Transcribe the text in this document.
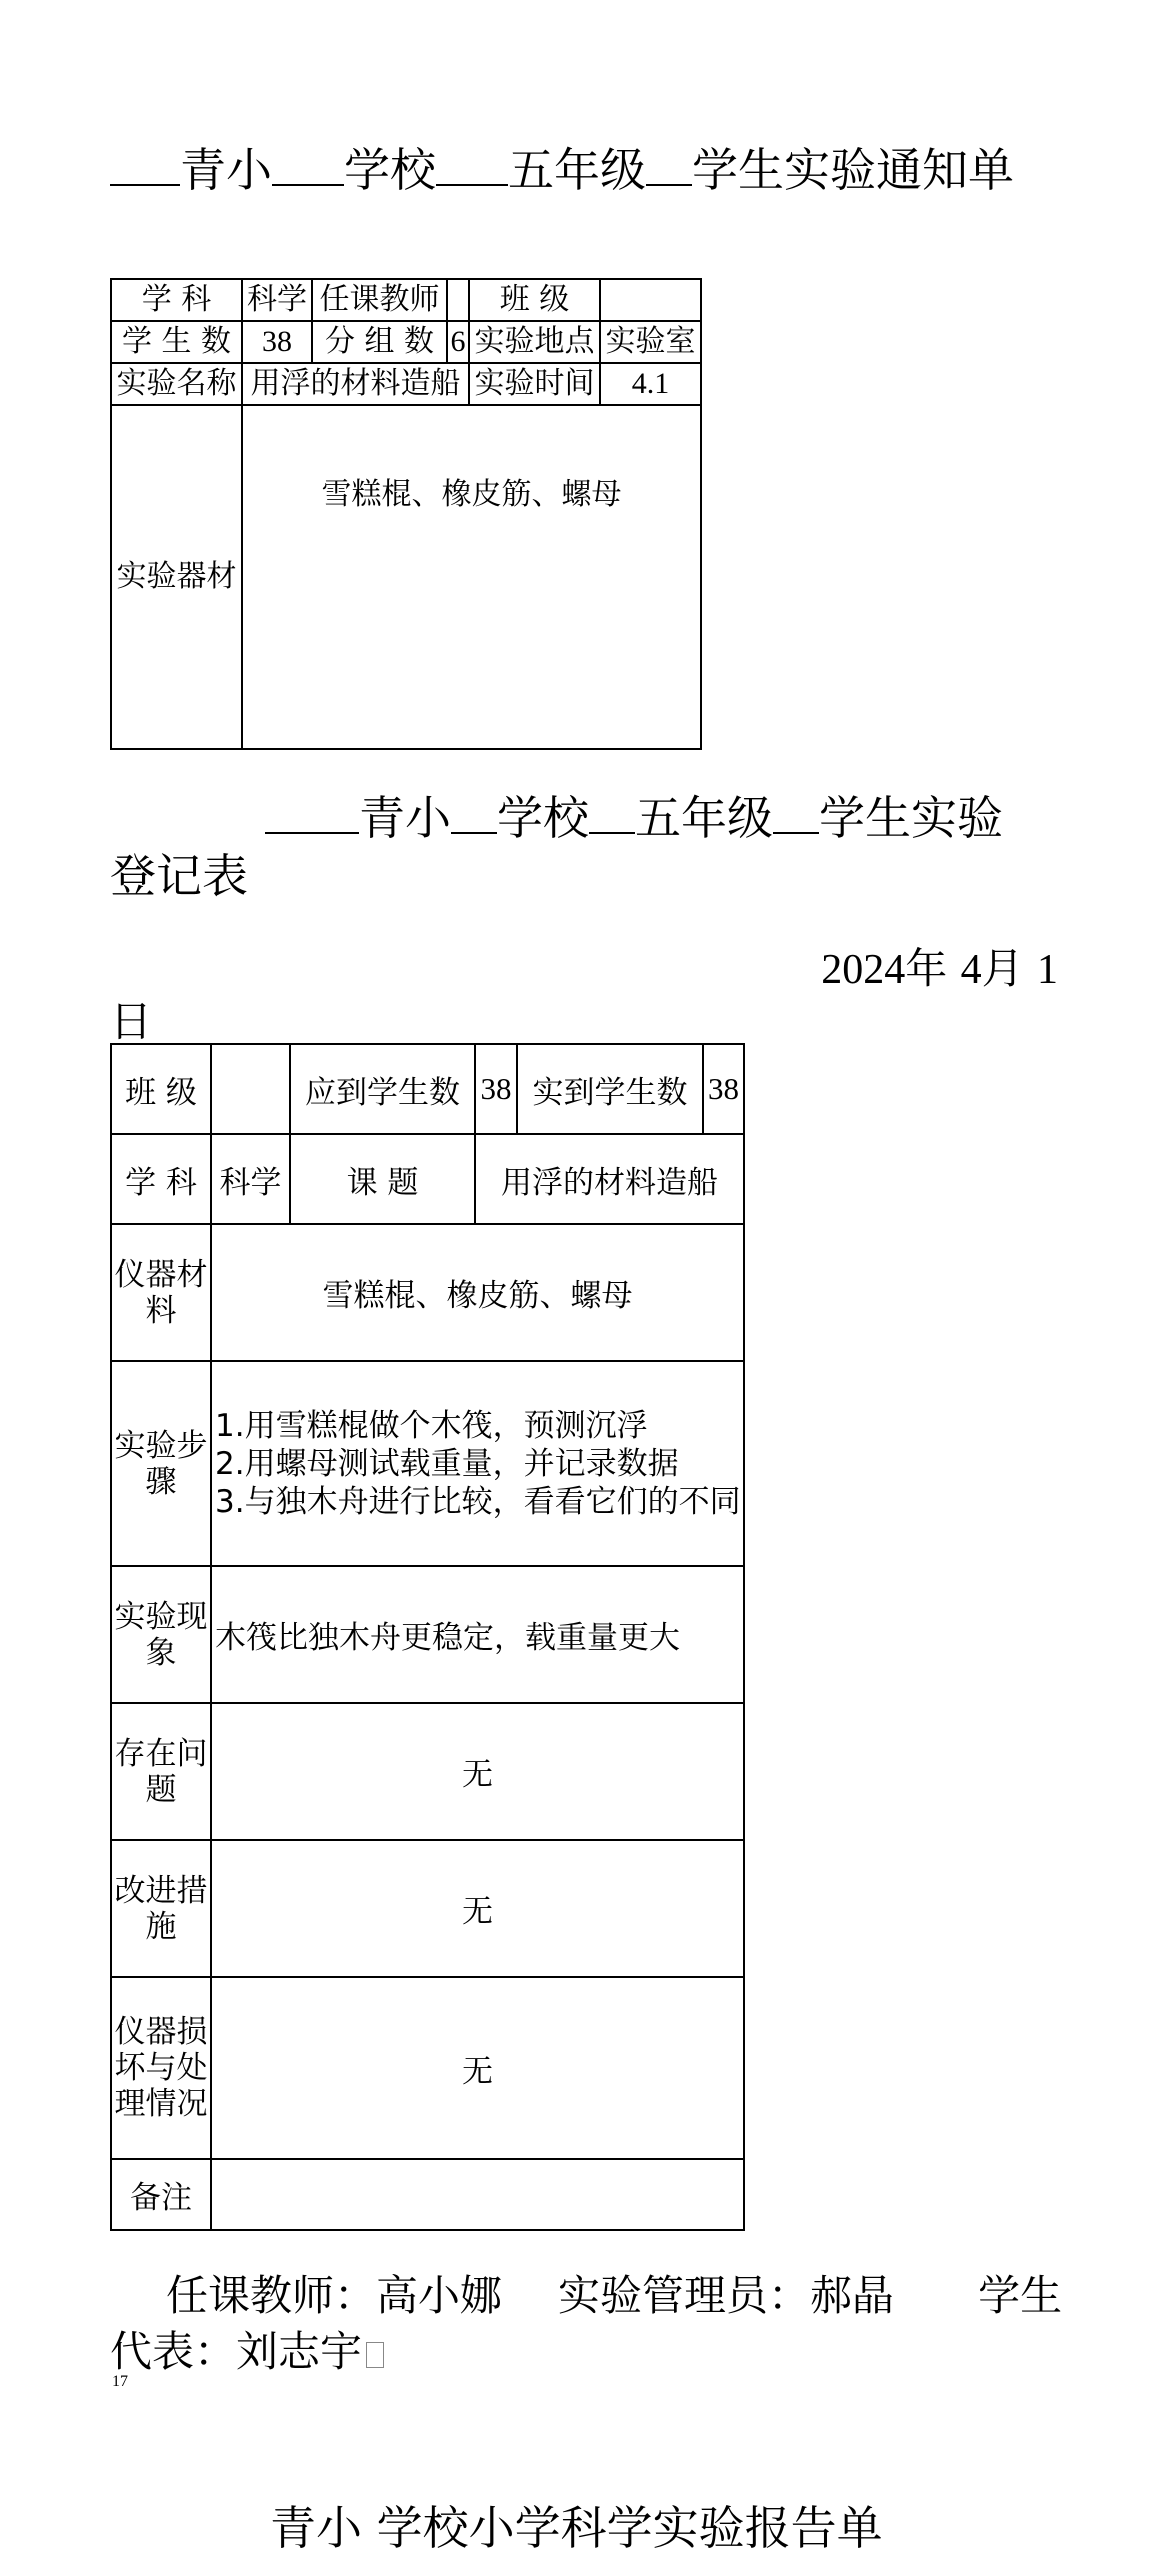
青小 学校 五年级 学生实验通知单
学 科	科学	任课教师		班 级	
学 生 数	38	分 组 数	6	实验地点	实验室
实验名称	用浮的材料造船			实验时间	4.1
实验器材	雪糕棍、橡皮筋、螺母				
青小 学校 五年级 学生实验
登记表
2024年 4月 1
日
班 级		应到学生数	38	实到学生数	38
学 科	科学	课 题	用浮的材料造船		
仪器材料	雪糕棍、橡皮筋、螺母				
实验步骤	1.用雪糕棍做个木筏，预测沉浮
2.用螺母测试载重量，并记录数据
3.与独木舟进行比较，看看它们的不同				

实验现象	木筏比独木舟更稳定，载重量更大				
存在问题	无				
改进措施	无				
仪器损坏与处理情况	无				
备注					
任课教师：高小娜 实验管理员：郝晶 学生
代表：刘志宇
17
青小 学校小学科学实验报告单
